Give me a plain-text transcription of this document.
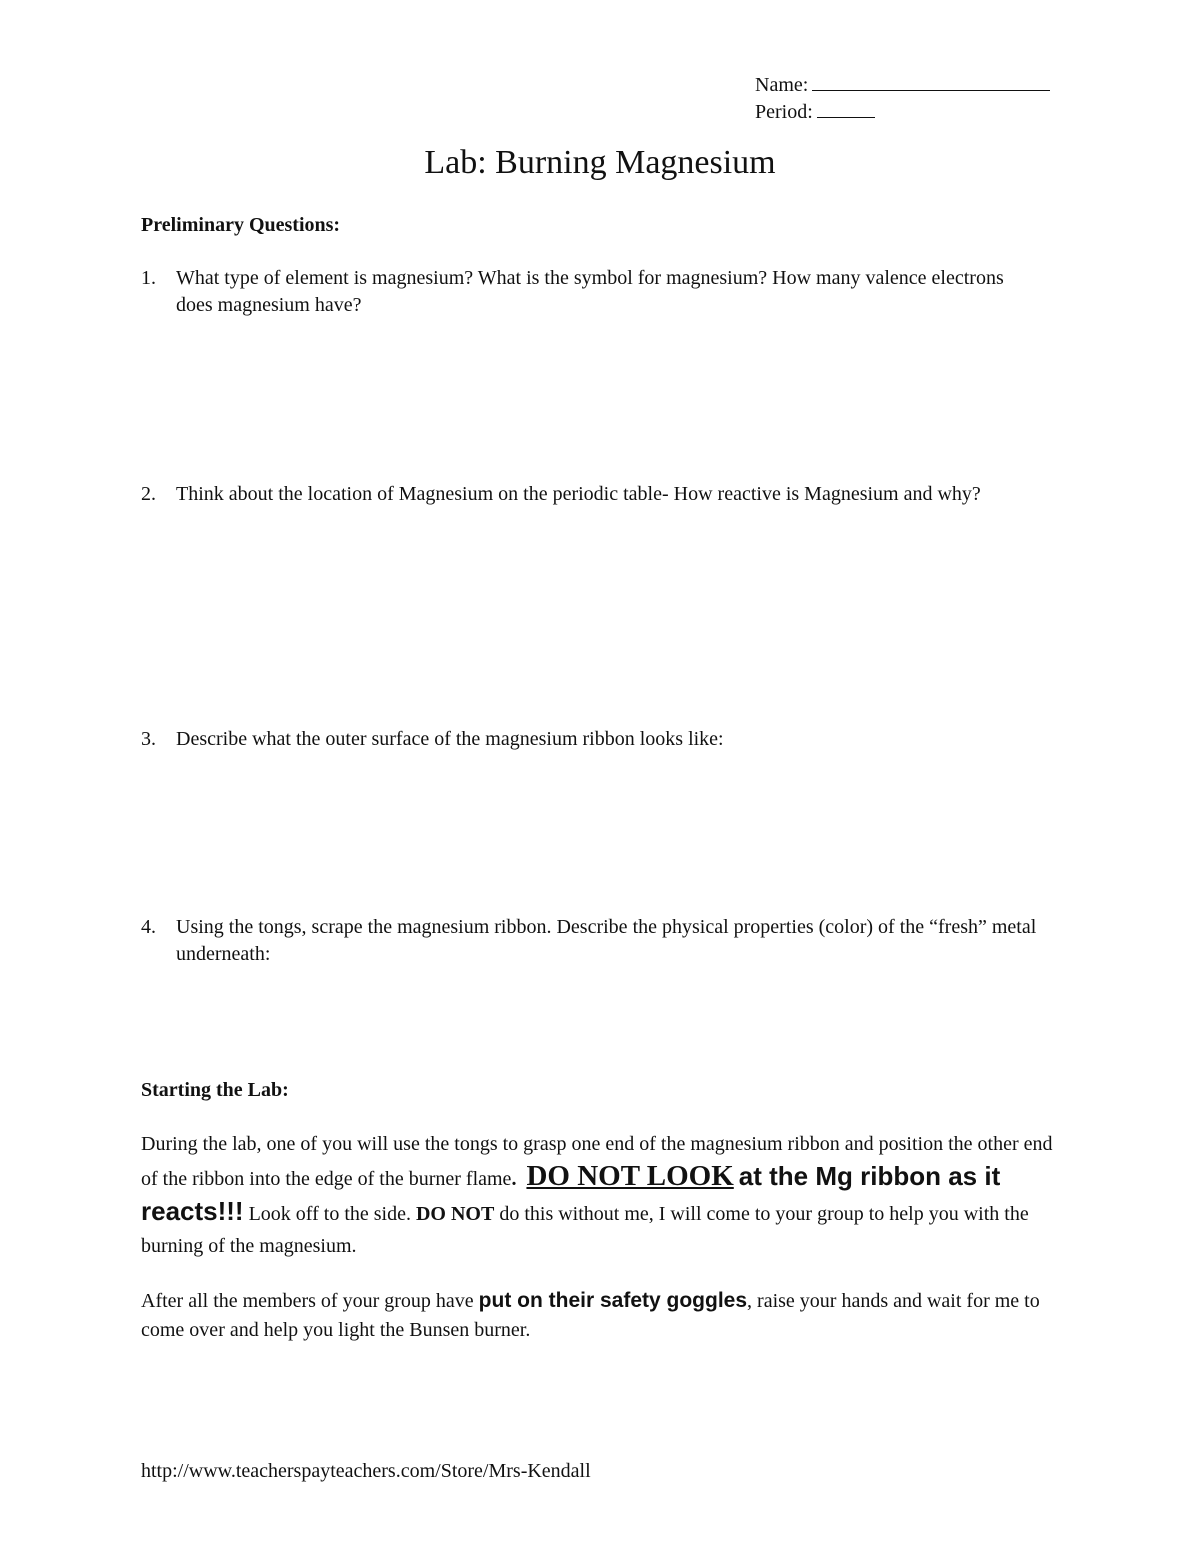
Name:
Period:
Lab: Burning Magnesium
Preliminary Questions:
1. What type of element is magnesium? What is the symbol for magnesium? How many valence electrons does magnesium have?
2. Think about the location of Magnesium on the periodic table- How reactive is Magnesium and why?
3. Describe what the outer surface of the magnesium ribbon looks like:
4. Using the tongs, scrape the magnesium ribbon. Describe the physical properties (color) of the “fresh” metal underneath:
Starting the Lab:
During the lab, one of you will use the tongs to grasp one end of the magnesium ribbon and position the other end of the ribbon into the edge of the burner flame. DO NOT LOOK at the Mg ribbon as it reacts!!! Look off to the side. DO NOT do this without me, I will come to your group to help you with the burning of the magnesium.
After all the members of your group have put on their safety goggles, raise your hands and wait for me to come over and help you light the Bunsen burner.
http://www.teacherspayteachers.com/Store/Mrs-Kendall
